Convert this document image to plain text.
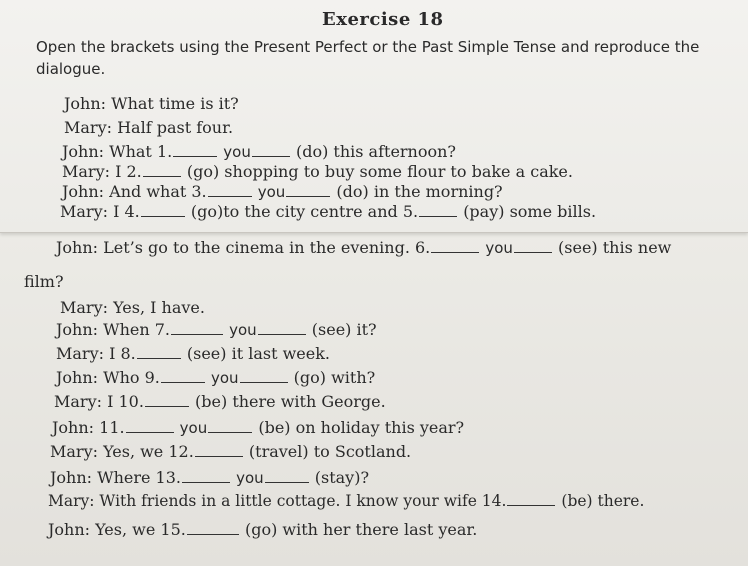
Exercise 18
Open the brackets using the Present Perfect or the Past Simple Tense and reproduce the dialogue.
John: What time is it?
Mary: Half past four.
John: What 1.	you	(do) this afternoon?
Mary: I 2.	(go) shopping to buy some flour to bake a cake.
John: And what 3.	you	(do) in the morning?
Mary: I 4.	(go)to the city centre and 5.	(pay) some bills.
John: Let’s go to the cinema in the evening. 6.	you	(see) this new
film?
Mary: Yes, I have.
John: When 7.	you	(see) it?
Mary: I 8.	(see) it last week.
John: Who 9.	you	(go) with?
Mary: I 10.	(be) there with George.
John: 11.	you	(be) on holiday this year?
Mary: Yes, we 12.	(travel) to Scotland.
John: Where 13.	you	(stay)?
Mary: With friends in a little cottage. I know your wife 14.	(be) there.
John: Yes, we 15.	(go) with her there last year.
